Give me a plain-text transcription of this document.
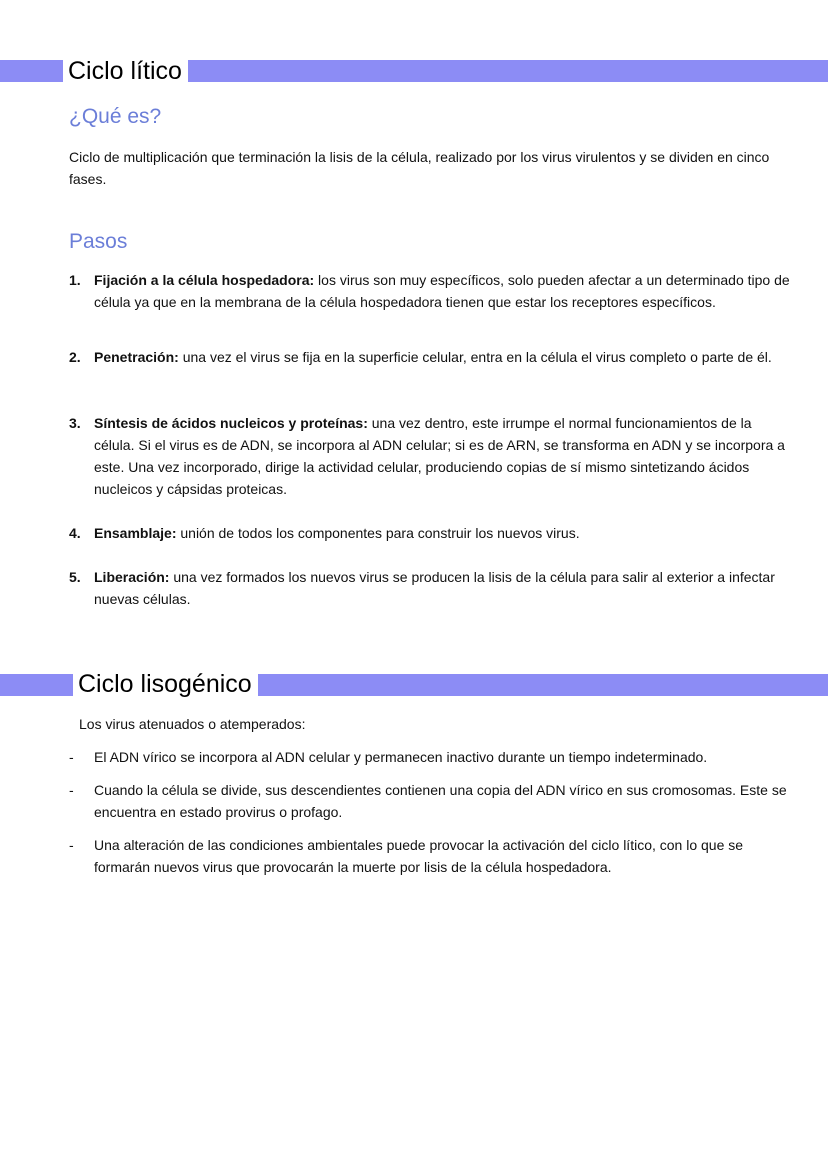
Ciclo lítico
¿Qué es?

Ciclo de multiplicación que terminación la lisis de la célula, realizado por los virus virulentos y se dividen en cinco fases.

Pasos
1. Fijación a la célula hospedadora: los virus son muy específicos, solo pueden afectar a un determinado tipo de célula ya que en la membrana de la célula hospedadora tienen que estar los receptores específicos.
2. Penetración: una vez el virus se fija en la superficie celular, entra en la célula el virus completo o parte de él.
3. Síntesis de ácidos nucleicos y proteínas: una vez dentro, este irrumpe el normal funcionamientos de la célula. Si el virus es de ADN, se incorpora al ADN celular; si es de ARN, se transforma en ADN y se incorpora a este. Una vez incorporado, dirige la actividad celular, produciendo copias de sí mismo sintetizando ácidos nucleicos y cápsidas proteicas.
4. Ensamblaje: unión de todos los componentes para construir los nuevos virus.
5. Liberación: una vez formados los nuevos virus se producen la lisis de la célula para salir al exterior a infectar nuevas células.
Ciclo lisogénico

Los virus atenuados o atemperados:

- El ADN vírico se incorpora al ADN celular y permanecen inactivo durante un tiempo indeterminado.
- Cuando la célula se divide, sus descendientes contienen una copia del ADN vírico en sus cromosomas. Este se encuentra en estado provirus o profago.
- Una alteración de las condiciones ambientales puede provocar la activación del ciclo lítico, con lo que se formarán nuevos virus que provocarán la muerte por lisis de la célula hospedadora.
